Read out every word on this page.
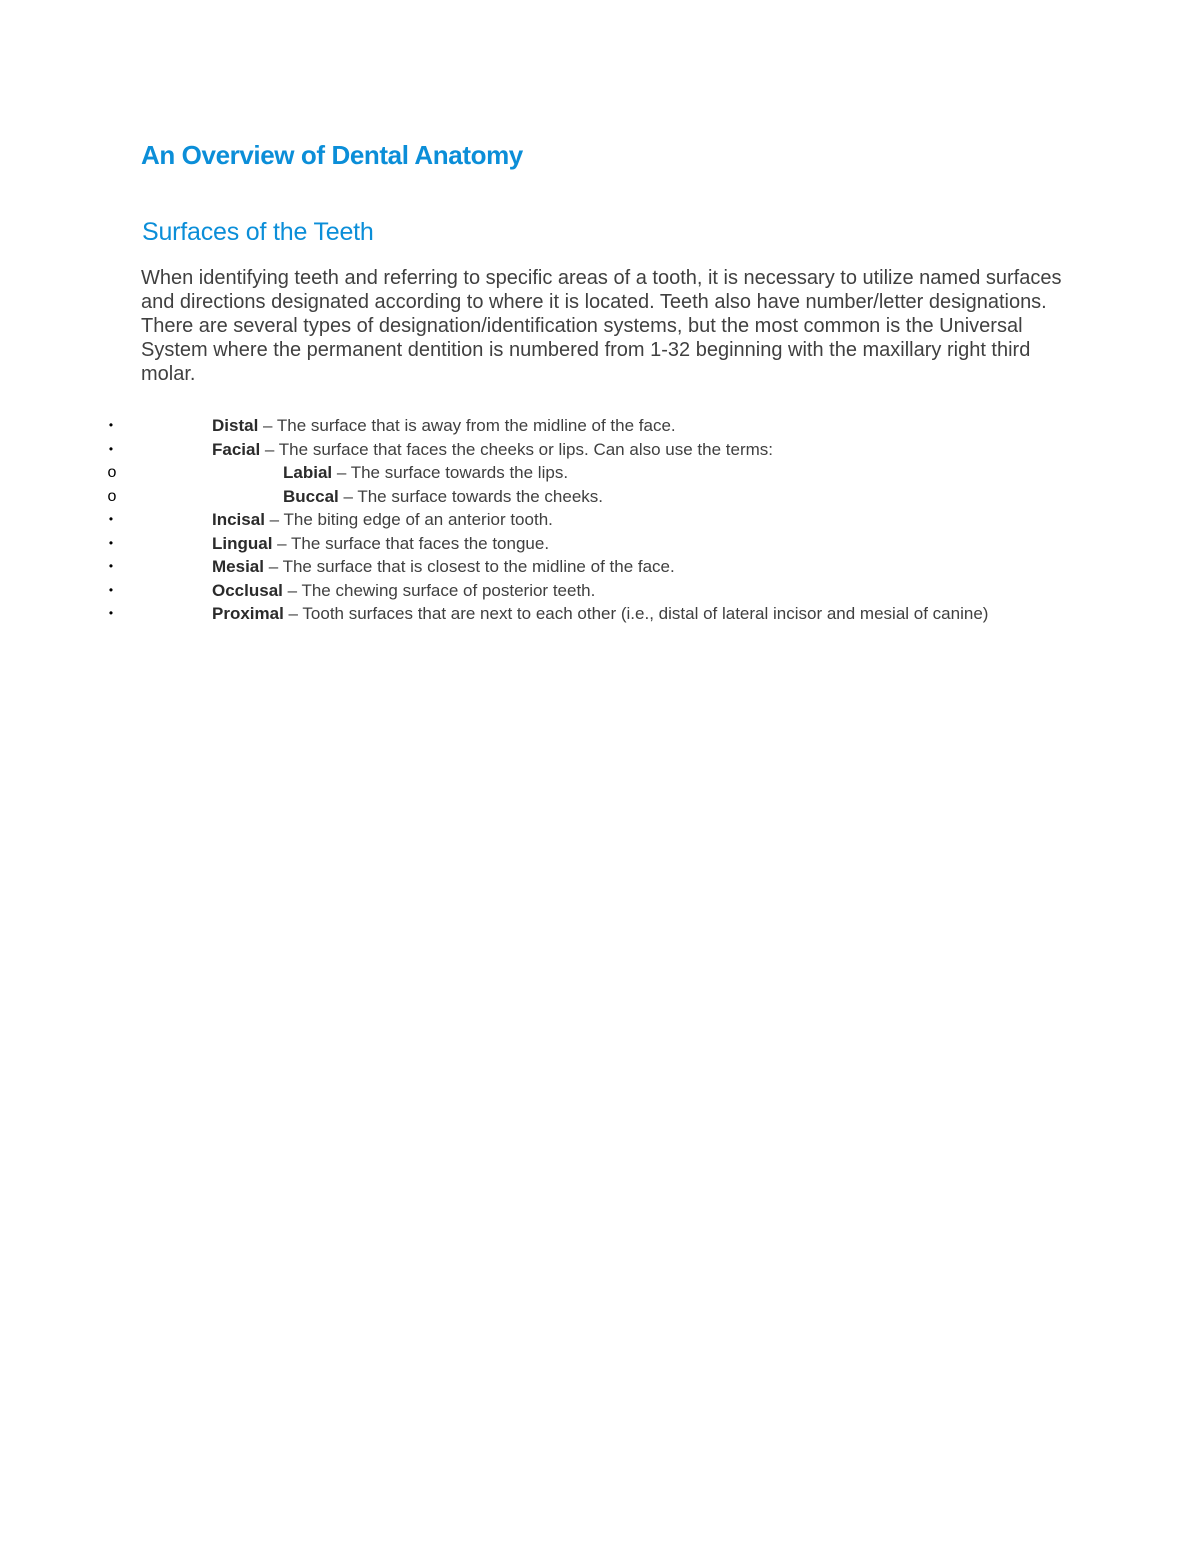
An Overview of Dental Anatomy
Surfaces of the Teeth

When identifying teeth and referring to specific areas of a tooth, it is necessary to utilize named surfaces and directions designated according to where it is located. Teeth also have number/letter designations. There are several types of designation/identification systems, but the most common is the Universal System where the permanent dentition is numbered from 1-32 beginning with the maxillary right third molar.

•	Distal – The surface that is away from the midline of the face.
•	Facial – The surface that faces the cheeks or lips. Can also use the terms:
o	Labial – The surface towards the lips.
o	Buccal – The surface towards the cheeks.
•	Incisal – The biting edge of an anterior tooth.
•	Lingual – The surface that faces the tongue.
•	Mesial – The surface that is closest to the midline of the face.
•	Occlusal – The chewing surface of posterior teeth.
•	Proximal – Tooth surfaces that are next to each other (i.e., distal of lateral incisor and mesial of canine)
